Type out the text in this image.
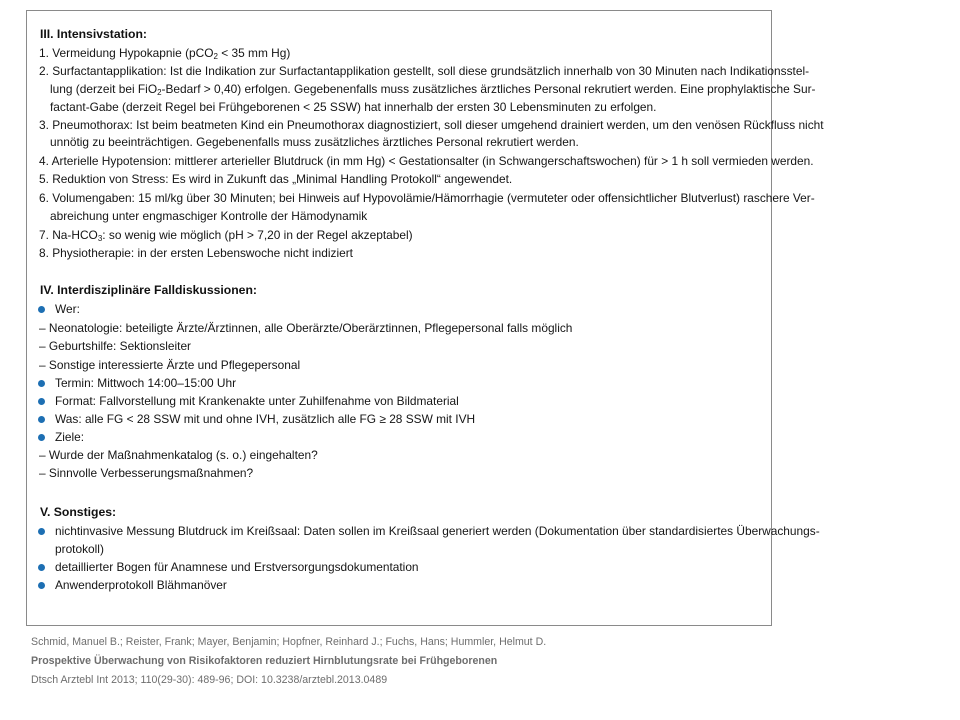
III. Intensivstation:
1. Vermeidung Hypokapnie (pCO$_2$ < 35 mm Hg)
2. Surfactantapplikation: Ist die Indikation zur Surfactantapplikation gestellt, soll diese grundsätzlich innerhalb von 30 Minuten nach Indikationsstel-
lung (derzeit bei FiO$_2$-Bedarf > 0,40) erfolgen. Gegebenenfalls muss zusätzliches ärztliches Personal rekrutiert werden. Eine prophylaktische Sur-
factant-Gabe (derzeit Regel bei Frühgeborenen < 25 SSW) hat innerhalb der ersten 30 Lebensminuten zu erfolgen.
3. Pneumothorax: Ist beim beatmeten Kind ein Pneumothorax diagnostiziert, soll dieser umgehend drainiert werden, um den venösen Rückfluss nicht
unnötig zu beeinträchtigen. Gegebenenfalls muss zusätzliches ärztliches Personal rekrutiert werden.
4. Arterielle Hypotension: mittlerer arterieller Blutdruck (in mm Hg) < Gestationsalter (in Schwangerschaftswochen) für > 1 h soll vermieden werden.
5. Reduktion von Stress: Es wird in Zukunft das „Minimal Handling Protokoll“ angewendet.
6. Volumengaben: 15 ml/kg über 30 Minuten; bei Hinweis auf Hypovolämie/Hämorrhagie (vermuteter oder offensichtlicher Blutverlust) raschere Ver-
abreichung unter engmaschiger Kontrolle der Hämodynamik
7. $Na-HCO_3$: so wenig wie möglich (pH > 7,20 in der Regel akzeptabel)
8. Physiotherapie: in der ersten Lebenswoche nicht indiziert
IV. Interdisziplinäre Falldiskussionen:
Wer:
– Neonatologie: beteiligte Ärzte/Ärztinnen, alle Oberärzte/Oberärztinnen, Pflegepersonal falls möglich
– Geburtshilfe: Sektionsleiter
– Sonstige interessierte Ärzte und Pflegepersonal
Termin: Mittwoch 14:00–15:00 Uhr
Format: Fallvorstellung mit Krankenakte unter Zuhilfenahme von Bildmaterial
Was: alle FG < 28 SSW mit und ohne IVH, zusätzlich alle FG ≥ 28 SSW mit IVH
Ziele:
– Wurde der Maßnahmenkatalog (s. o.) eingehalten?
– Sinnvolle Verbesserungsmaßnahmen?
V. Sonstiges:
nichtinvasive Messung Blutdruck im Kreißsaal: Daten sollen im Kreißsaal generiert werden (Dokumentation über standardisiertes Überwachungs-
protokoll)
detaillierter Bogen für Anamnese und Erstversorgungsdokumentation
Anwenderprotokoll Blähmanöver
Schmid, Manuel B.; Reister, Frank; Mayer, Benjamin; Hopfner, Reinhard J.; Fuchs, Hans; Hummler, Helmut D.
Prospektive Überwachung von Risikofaktoren reduziert Hirnblutungsrate bei Frühgeborenen
Dtsch Arztebl Int 2013; 110(29-30): 489-96; DOI: 10.3238/arztebl.2013.0489
